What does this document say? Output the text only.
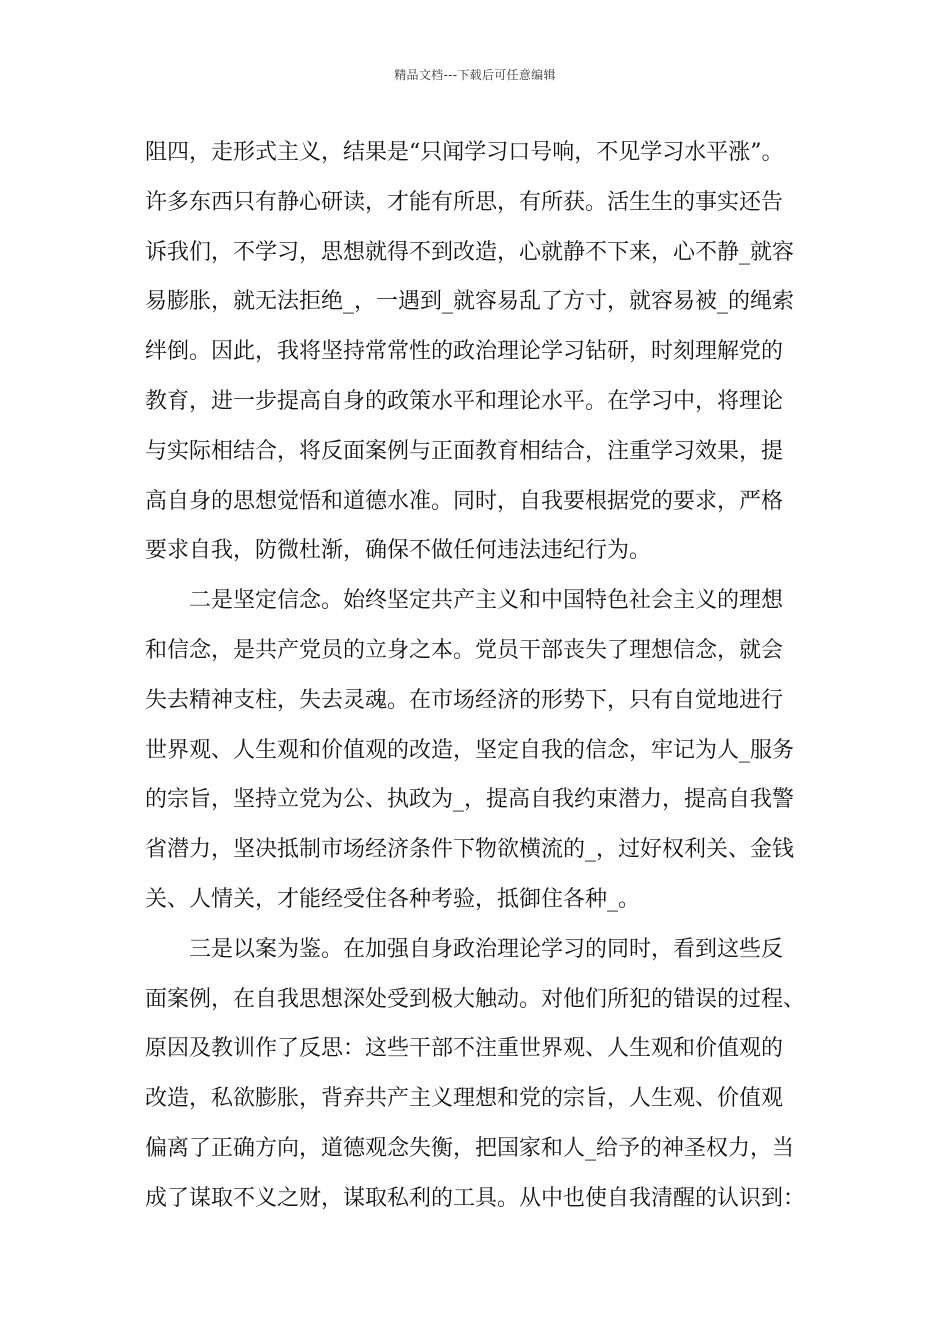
精品文档---下载后可任意编辑
阻四，走形式主义，结果是“只闻学习口号响，不见学习水平涨”。
许多东西只有静心研读，才能有所思，有所获。活生生的事实还告
诉我们，不学习，思想就得不到改造，心就静不下来，心不静_就容
易膨胀，就无法拒绝_，一遇到_就容易乱了方寸，就容易被_的绳索
绊倒。因此，我将坚持常常性的政治理论学习钻研，时刻理解党的
教育，进一步提高自身的政策水平和理论水平。在学习中，将理论
与实际相结合，将反面案例与正面教育相结合，注重学习效果，提
高自身的思想觉悟和道德水准。同时，自我要根据党的要求，严格
要求自我，防微杜渐，确保不做任何违法违纪行为。
二是坚定信念。始终坚定共产主义和中国特色社会主义的理想
和信念，是共产党员的立身之本。党员干部丧失了理想信念，就会
失去精神支柱，失去灵魂。在市场经济的形势下，只有自觉地进行
世界观、人生观和价值观的改造，坚定自我的信念，牢记为人_服务
的宗旨，坚持立党为公、执政为_，提高自我约束潜力，提高自我警
省潜力，坚决抵制市场经济条件下物欲横流的_，过好权利关、金钱
关、人情关，才能经受住各种考验，抵御住各种_。
三是以案为鉴。在加强自身政治理论学习的同时，看到这些反
面案例，在自我思想深处受到极大触动。对他们所犯的错误的过程、
原因及教训作了反思：这些干部不注重世界观、人生观和价值观的
改造，私欲膨胀，背弃共产主义理想和党的宗旨，人生观、价值观
偏离了正确方向，道德观念失衡，把国家和人_给予的神圣权力，当
成了谋取不义之财，谋取私利的工具。从中也使自我清醒的认识到：
